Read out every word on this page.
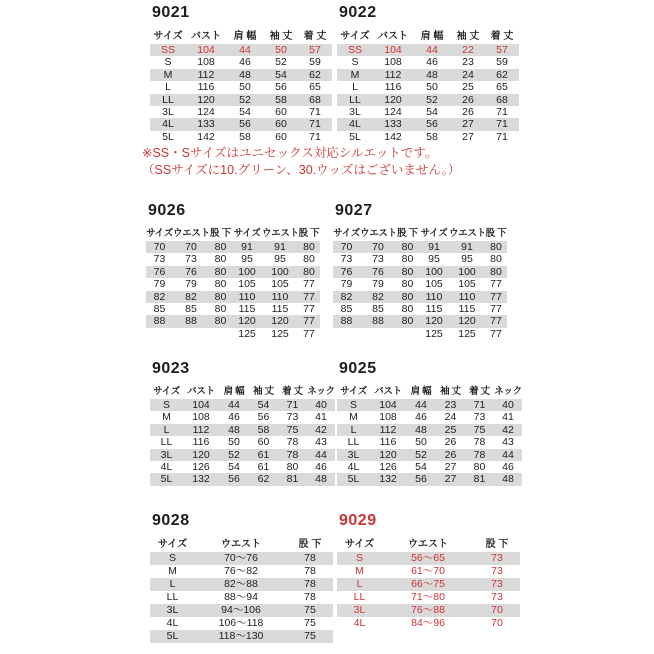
9021
サイズ	バスト	肩 幅	袖 丈	着 丈
SS	104	44	50	57
S	108	46	52	59
M	112	48	54	62
L	116	50	56	65
LL	120	52	58	68
3L	124	54	60	71
4L	133	56	60	71
5L	142	58	60	71
9022
サイズ	バスト	肩 幅	袖 丈	着 丈
SS	104	44	22	57
S	108	46	23	59
M	112	48	24	62
L	116	50	25	65
LL	120	52	26	68
3L	124	54	26	71
4L	133	56	27	71
5L	142	58	27	71
※SS・Sサイズはユニセックス対応シルエットです。
（SSサイズに10.グリーン、30.ウッズはございません。）
9026
サイズ	ウエスト	股 下	サイズ	ウエスト	股 下
70	70	80	91	91	80
73	73	80	95	95	80
76	76	80	100	100	80
79	79	80	105	105	77
82	82	80	110	110	77
85	85	80	115	115	77
88	88	80	120	120	77
			125	125	77
9027
サイズ	ウエスト	股 下	サイズ	ウエスト	股 下
70	70	80	91	91	80
73	73	80	95	95	80
76	76	80	100	100	80
79	79	80	105	105	77
82	82	80	110	110	77
85	85	80	115	115	77
88	88	80	120	120	77
			125	125	77
9023
サイズ	バスト	肩 幅	袖 丈	着 丈	ネック
S	104	44	54	71	40
M	108	46	56	73	41
L	112	48	58	75	42
LL	116	50	60	78	43
3L	120	52	61	78	44
4L	126	54	61	80	46
5L	132	56	62	81	48
9025
サイズ	バスト	肩 幅	袖 丈	着 丈	ネック
S	104	44	23	71	40
M	108	46	24	73	41
L	112	48	25	75	42
LL	116	50	26	78	43
3L	120	52	26	78	44
4L	126	54	27	80	46
5L	132	56	27	81	48
9028
サイズ	ウエスト	股 下
S	70～76	78
M	76～82	78
L	82～88	78
LL	88～94	78
3L	94～106	75
4L	106～118	75
5L	118～130	75
9029
サイズ	ウエスト	股 下
S	56～65	73
M	61～70	73
L	66～75	73
LL	71～80	73
3L	76～88	70
4L	84～96	70
